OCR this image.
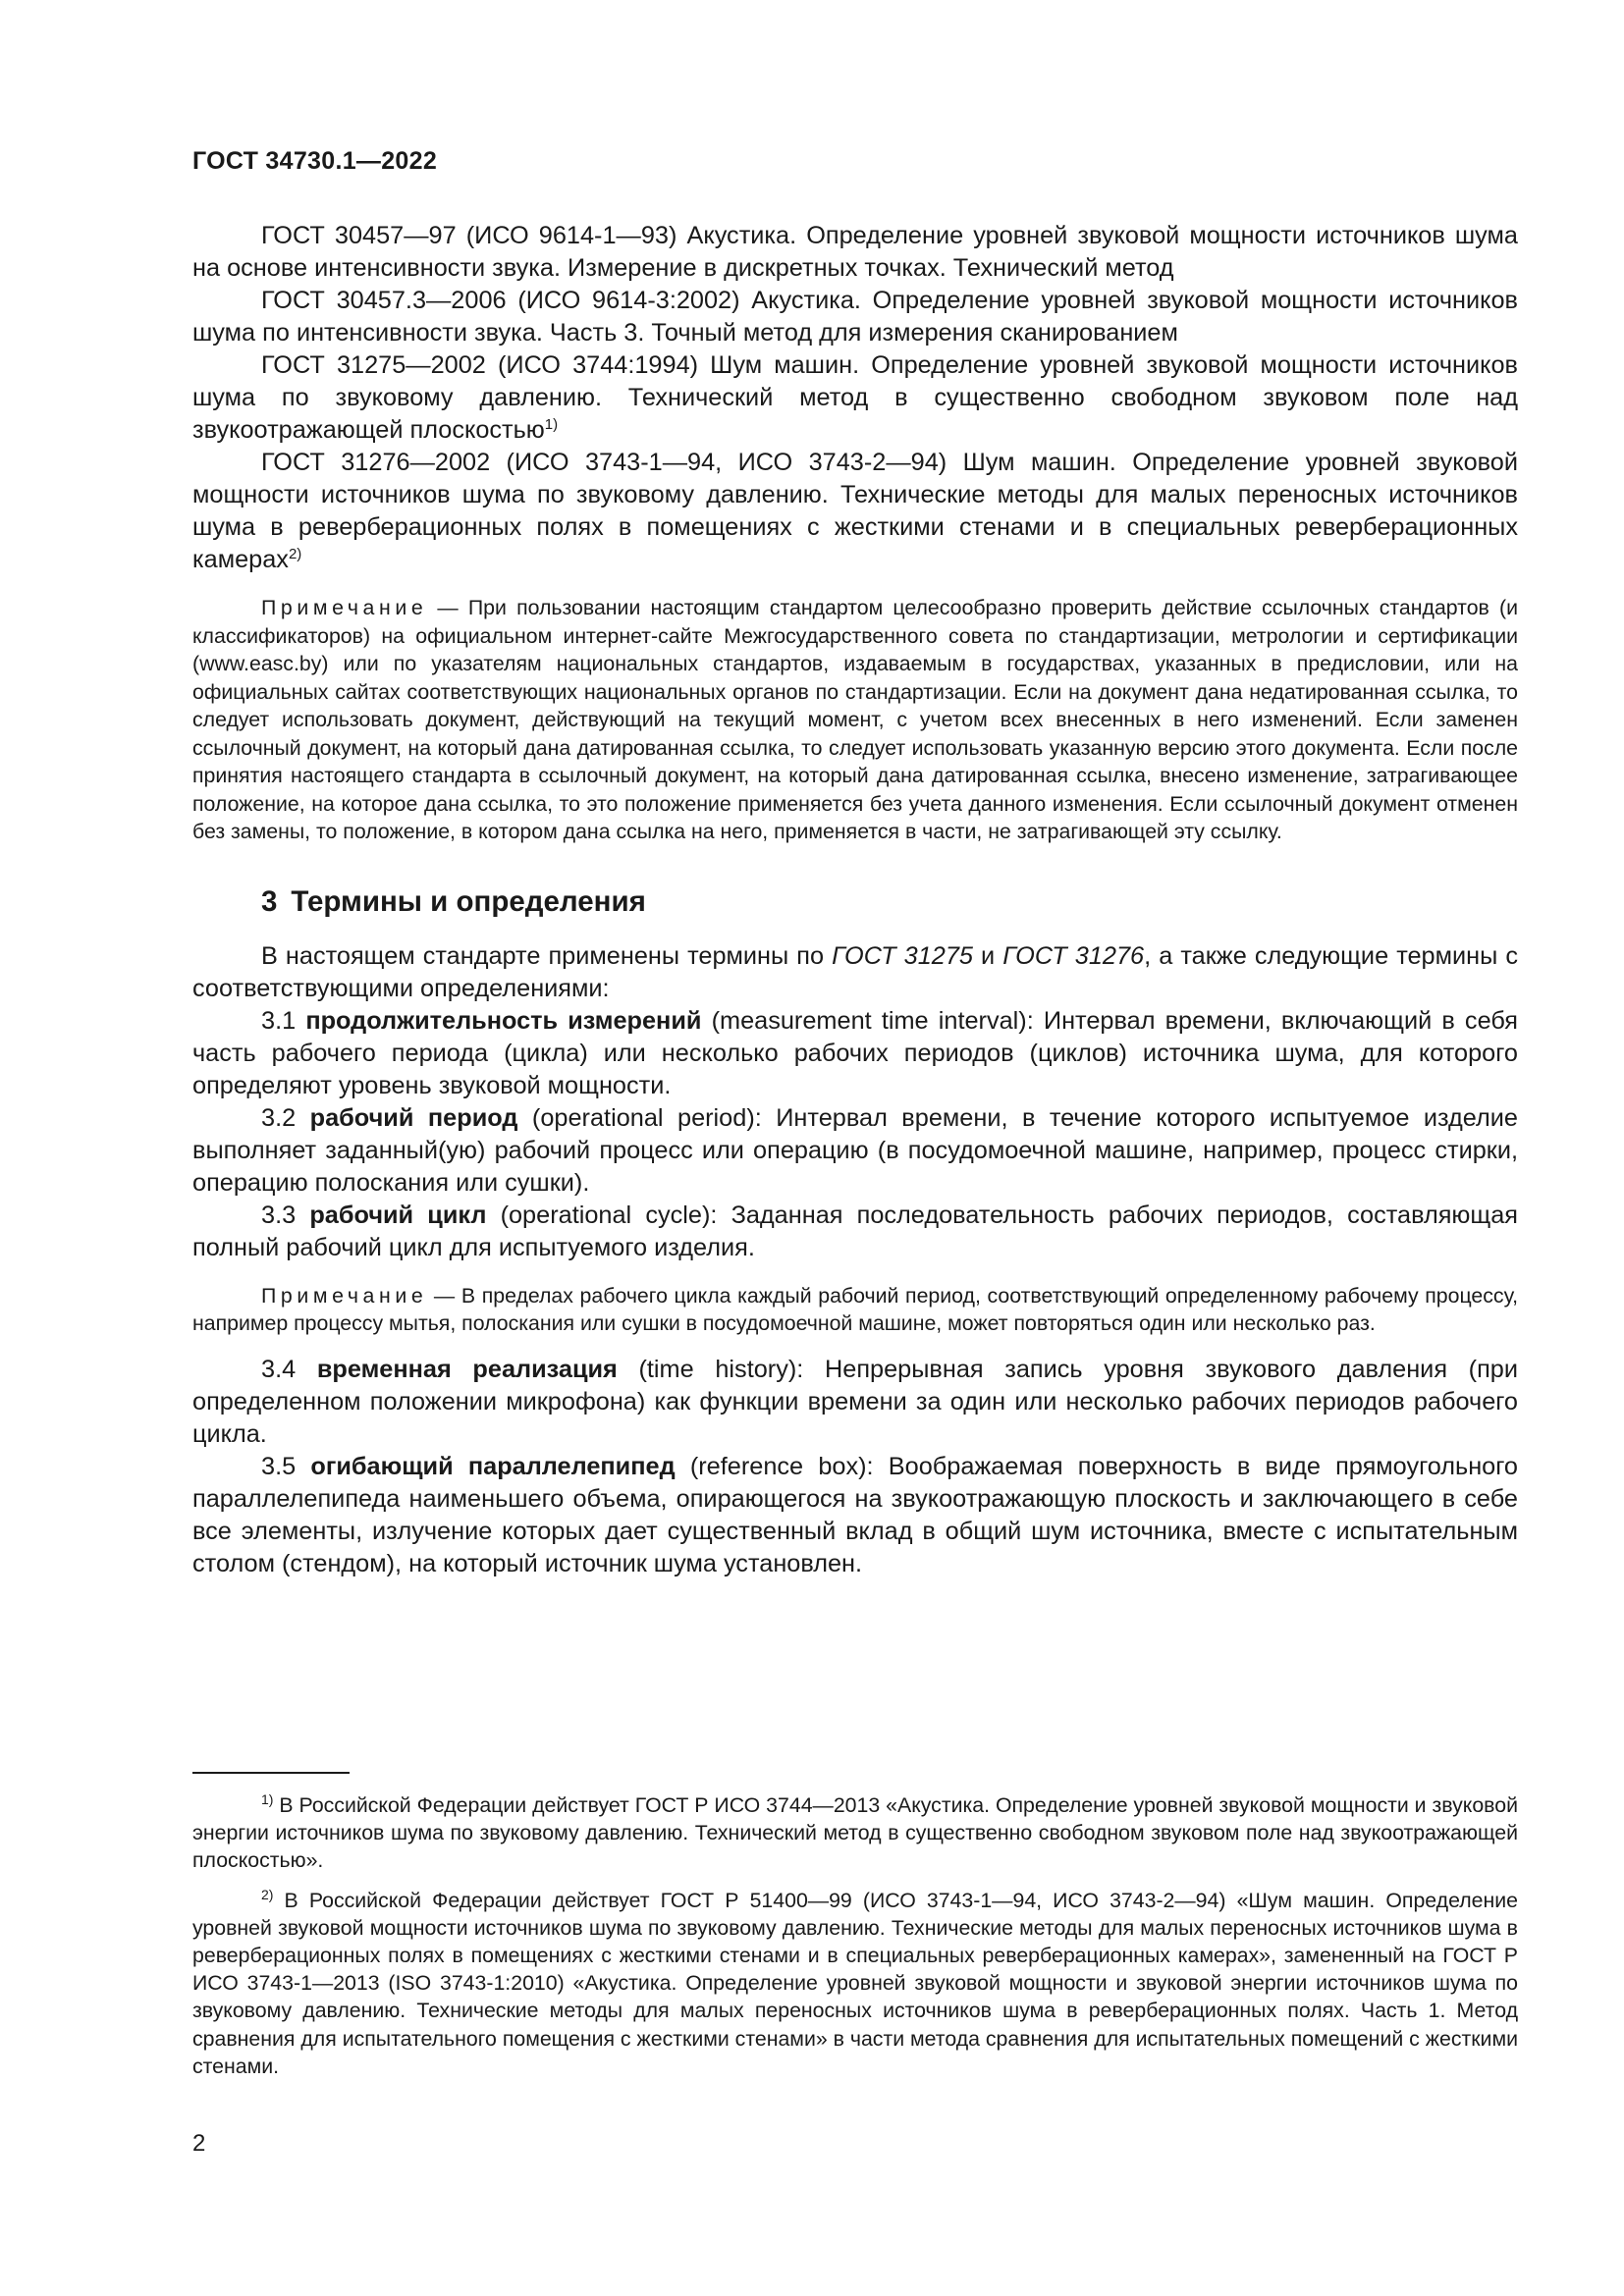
ГОСТ 34730.1—2022

ГОСТ 30457—97 (ИСО 9614-1—93) Акустика. Определение уровней звуковой мощности источников шума на основе интенсивности звука. Измерение в дискретных точках. Технический метод

ГОСТ 30457.3—2006 (ИСО 9614-3:2002) Акустика. Определение уровней звуковой мощности источников шума по интенсивности звука. Часть 3. Точный метод для измерения сканированием

ГОСТ 31275—2002 (ИСО 3744:1994) Шум машин. Определение уровней звуковой мощности источников шума по звуковому давлению. Технический метод в существенно свободном звуковом поле над звукоотражающей плоскостью$^{1)}$

ГОСТ 31276—2002 (ИСО 3743-1—94, ИСО 3743-2—94) Шум машин. Определение уровней звуковой мощности источников шума по звуковому давлению. Технические методы для малых переносных источников шума в реверберационных полях в помещениях с жесткими стенами и в специальных реверберационных камерах$^{2)}$

Примечание — При пользовании настоящим стандартом целесообразно проверить действие ссылочных стандартов (и классификаторов) на официальном интернет-сайте Межгосударственного совета по стандартизации, метрологии и сертификации (www.easc.by) или по указателям национальных стандартов, издаваемым в государствах, указанных в предисловии, или на официальных сайтах соответствующих национальных органов по стандартизации. Если на документ дана недатированная ссылка, то следует использовать документ, действующий на текущий момент, с учетом всех внесенных в него изменений. Если заменен ссылочный документ, на который дана датированная ссылка, то следует использовать указанную версию этого документа. Если после принятия настоящего стандарта в ссылочный документ, на который дана датированная ссылка, внесено изменение, затрагивающее положение, на которое дана ссылка, то это положение применяется без учета данного изменения. Если ссылочный документ отменен без замены, то положение, в котором дана ссылка на него, применяется в части, не затрагивающей эту ссылку.

3 Термины и определения

В настоящем стандарте применены термины по ГОСТ 31275 и ГОСТ 31276, а также следующие термины с соответствующими определениями:

3.1 продолжительность измерений (measurement time interval): Интервал времени, включающий в себя часть рабочего периода (цикла) или несколько рабочих периодов (циклов) источника шума, для которого определяют уровень звуковой мощности.

3.2 рабочий период (operational period): Интервал времени, в течение которого испытуемое изделие выполняет заданный(ую) рабочий процесс или операцию (в посудомоечной машине, например, процесс стирки, операцию полоскания или сушки).

3.3 рабочий цикл (operational cycle): Заданная последовательность рабочих периодов, составляющая полный рабочий цикл для испытуемого изделия.

Примечание — В пределах рабочего цикла каждый рабочий период, соответствующий определенному рабочему процессу, например процессу мытья, полоскания или сушки в посудомоечной машине, может повторяться один или несколько раз.

3.4 временная реализация (time history): Непрерывная запись уровня звукового давления (при определенном положении микрофона) как функции времени за один или несколько рабочих периодов рабочего цикла.

3.5 огибающий параллелепипед (reference box): Воображаемая поверхность в виде прямоугольного параллелепипеда наименьшего объема, опирающегося на звукоотражающую плоскость и заключающего в себе все элементы, излучение которых дает существенный вклад в общий шум источника, вместе с испытательным столом (стендом), на который источник шума установлен.

$^{1)}$ В Российской Федерации действует ГОСТ Р ИСО 3744—2013 «Акустика. Определение уровней звуковой мощности и звуковой энергии источников шума по звуковому давлению. Технический метод в существенно свободном звуковом поле над звукоотражающей плоскостью».

$^{2)}$ В Российской Федерации действует ГОСТ Р 51400—99 (ИСО 3743-1—94, ИСО 3743-2—94) «Шум машин. Определение уровней звуковой мощности источников шума по звуковому давлению. Технические методы для малых переносных источников шума в реверберационных полях в помещениях с жесткими стенами и в специальных реверберационных камерах», замененный на ГОСТ Р ИСО 3743-1—2013 (ISO 3743-1:2010) «Акустика. Определение уровней звуковой мощности и звуковой энергии источников шума по звуковому давлению. Технические методы для малых переносных источников шума в реверберационных полях. Часть 1. Метод сравнения для испытательного помещения с жесткими стенами» в части метода сравнения для испытательных помещений с жесткими стенами.

2
